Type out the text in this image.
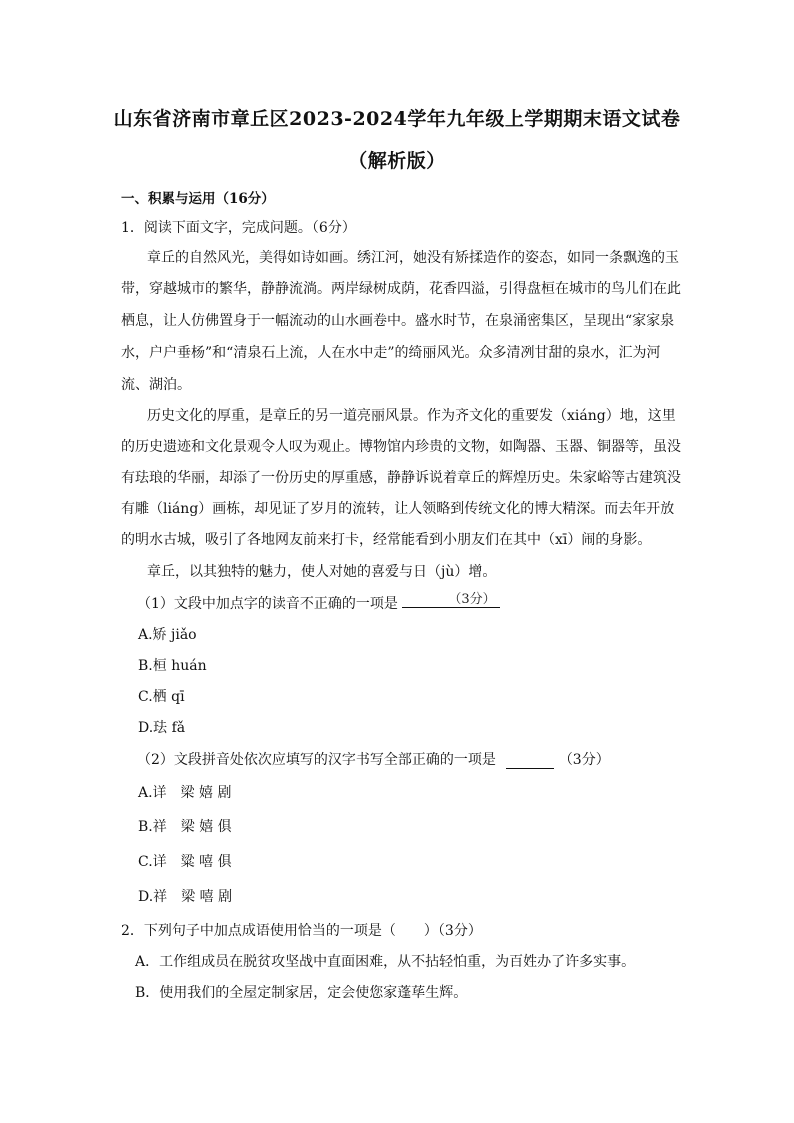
山东省济南市章丘区2023-2024学年九年级上学期期末语文试卷
（解析版）
一、积累与运用（16分）
1．阅读下面文字，完成问题。（6分）
章丘的自然风光，美得如诗如画。绣江河，她没有矫揉造作的姿态，如同一条飘逸的玉
带，穿越城市的繁华，静静流淌。两岸绿树成荫，花香四溢，引得盘桓在城市的鸟儿们在此
栖息，让人仿佛置身于一幅流动的山水画卷中。盛水时节，在泉涌密集区，呈现出“家家泉
水，户户垂杨”和“清泉石上流，人在水中走”的绮丽风光。众多清冽甘甜的泉水，汇为河
流、湖泊。
历史文化的厚重，是章丘的另一道亮丽风景。作为齐文化的重要发（xiáng）地，这里
的历史遗迹和文化景观令人叹为观止。博物馆内珍贵的文物，如陶器、玉器、铜器等，虽没
有珐琅的华丽，却添了一份历史的厚重感，静静诉说着章丘的辉煌历史。朱家峪等古建筑没
有雕（liáng）画栋，却见证了岁月的流转，让人领略到传统文化的博大精深。而去年开放
的明水古城，吸引了各地网友前来打卡，经常能看到小朋友们在其中（xī）闹的身影。
章丘，以其独特的魅力，使人对她的喜爱与日（jù）增。
（1）文段中加点字的读音不正确的一项是	（3分）
A.矫 jiǎo
B.桓 huán
C.栖 qī
D.珐 fǎ
（2）文段拼音处依次应填写的汉字书写全部正确的一项是	（3分）
A.详　梁 嬉 剧
B.祥　梁 嬉 俱
C.详　粱 嘻 俱
D.祥　梁 嘻 剧
2．下列句子中加点成语使用恰当的一项是（　　）（3分）
A．工作组成员在脱贫攻坚战中直面困难，从不拈轻怕重，为百姓办了许多实事。
B．使用我们的全屋定制家居，定会使您家蓬荜生辉。
